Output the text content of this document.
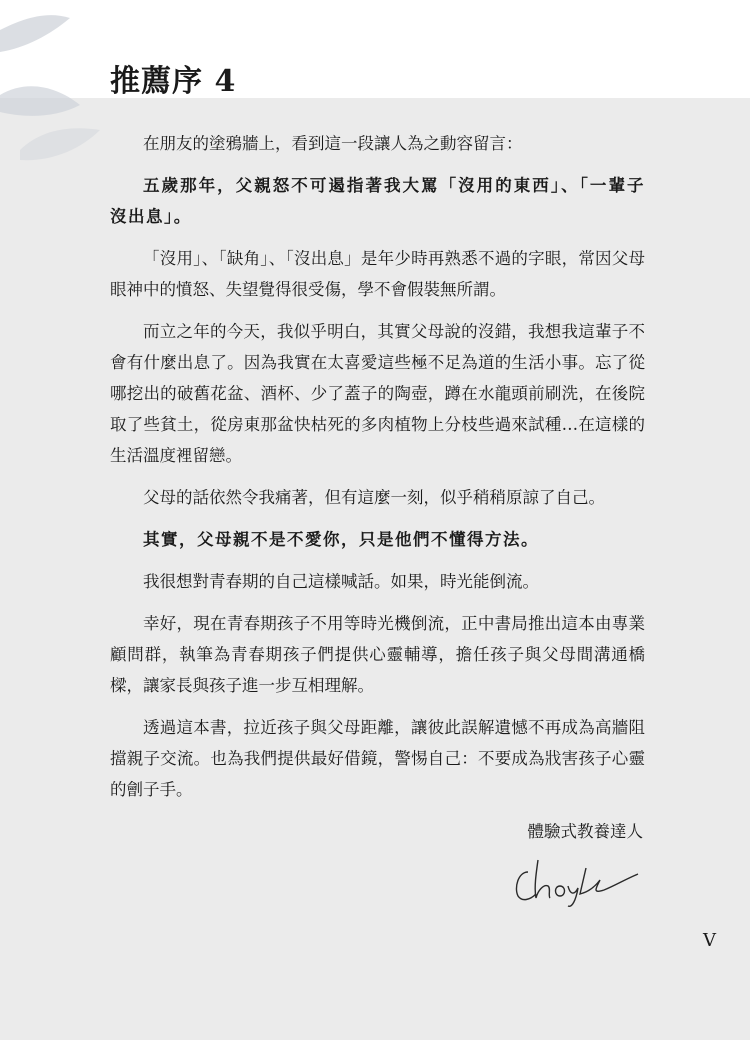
推薦序 4

在朋友的塗鴉牆上，看到這一段讓人為之動容留言：

五歲那年，父親怒不可遏指著我大罵「沒用的東西」、「一輩子沒出息」。

「沒用」、「缺角」、「沒出息」是年少時再熟悉不過的字眼，常因父母眼神中的憤怒、失望覺得很受傷，學不會假裝無所謂。

而立之年的今天，我似乎明白，其實父母說的沒錯，我想我這輩子不會有什麼出息了。因為我實在太喜愛這些極不足為道的生活小事。忘了從哪挖出的破舊花盆、酒杯、少了蓋子的陶壺，蹲在水龍頭前刷洗，在後院取了些貧土，從房東那盆快枯死的多肉植物上分枝些過來試種…在這樣的生活溫度裡留戀。

父母的話依然令我痛著，但有這麼一刻，似乎稍稍原諒了自己。

其實，父母親不是不愛你，只是他們不懂得方法。

我很想對青春期的自己這樣喊話。如果，時光能倒流。

幸好，現在青春期孩子不用等時光機倒流，正中書局推出這本由專業顧問群，執筆為青春期孩子們提供心靈輔導，擔任孩子與父母間溝通橋樑，讓家長與孩子進一步互相理解。

透過這本書，拉近孩子與父母距離，讓彼此誤解遺憾不再成為高牆阻擋親子交流。也為我們提供最好借鏡，警惕自己：不要成為戕害孩子心靈的劊子手。

體驗式教養達人

V
